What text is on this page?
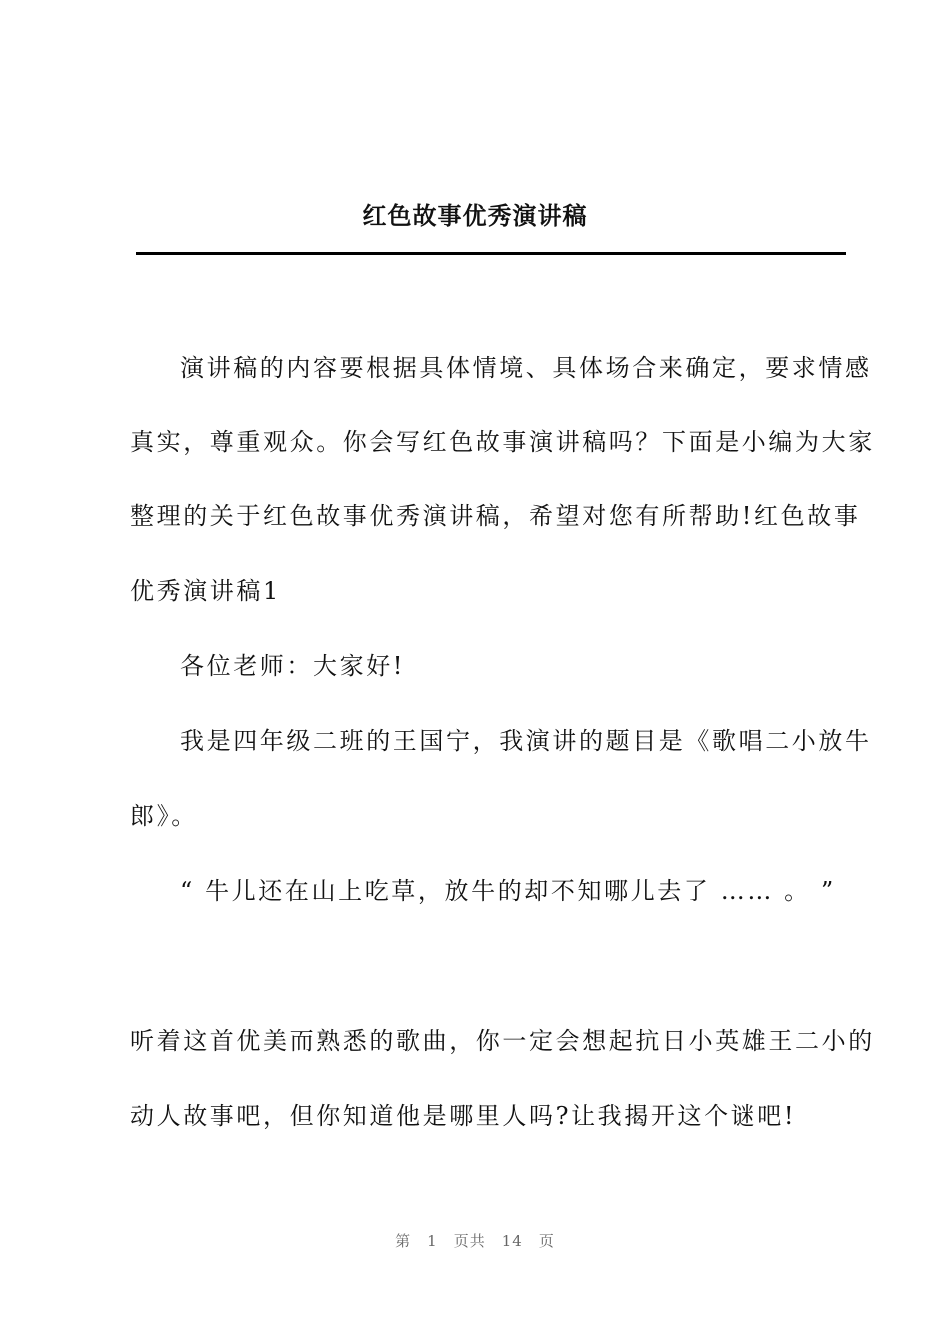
红色故事优秀演讲稿
演讲稿的内容要根据具体情境、具体场合来确定，要求情感
真实，尊重观众。你会写红色故事演讲稿吗？下面是小编为大家
整理的关于红色故事优秀演讲稿，希望对您有所帮助!红色故事
优秀演讲稿1
各位老师：大家好!
我是四年级二班的王国宁，我演讲的题目是《歌唱二小放牛
郎》。
“ 牛儿还在山上吃草，放牛的却不知哪儿去了 …… 。 ”
听着这首优美而熟悉的歌曲，你一定会想起抗日小英雄王二小的
动人故事吧，但你知道他是哪里人吗?让我揭开这个谜吧!
第 1 页共 14 页
